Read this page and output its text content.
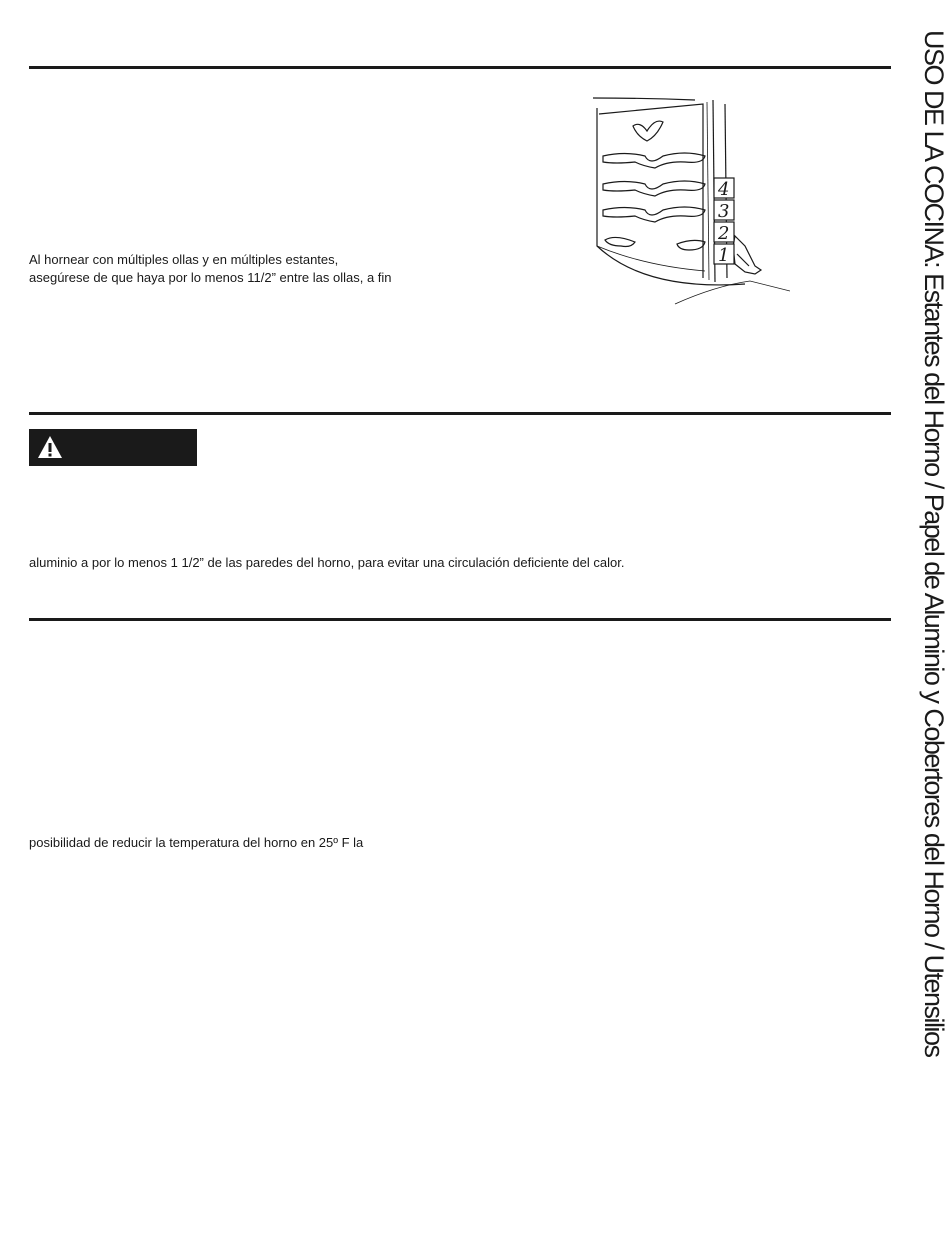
Al hornear con múltiples ollas y en múltiples estantes,
asegúrese de que haya por lo menos 11/2” entre las ollas, a fin
4
3
2
1
aluminio a por lo menos 1 1/2” de las paredes del horno, para evitar una circulación deficiente del calor.
posibilidad de reducir la temperatura del horno en 25º F la	USO DE LA COCINA: Estantes del Horno / Papel de Aluminio y Cobertores del Horno / Utensilios
